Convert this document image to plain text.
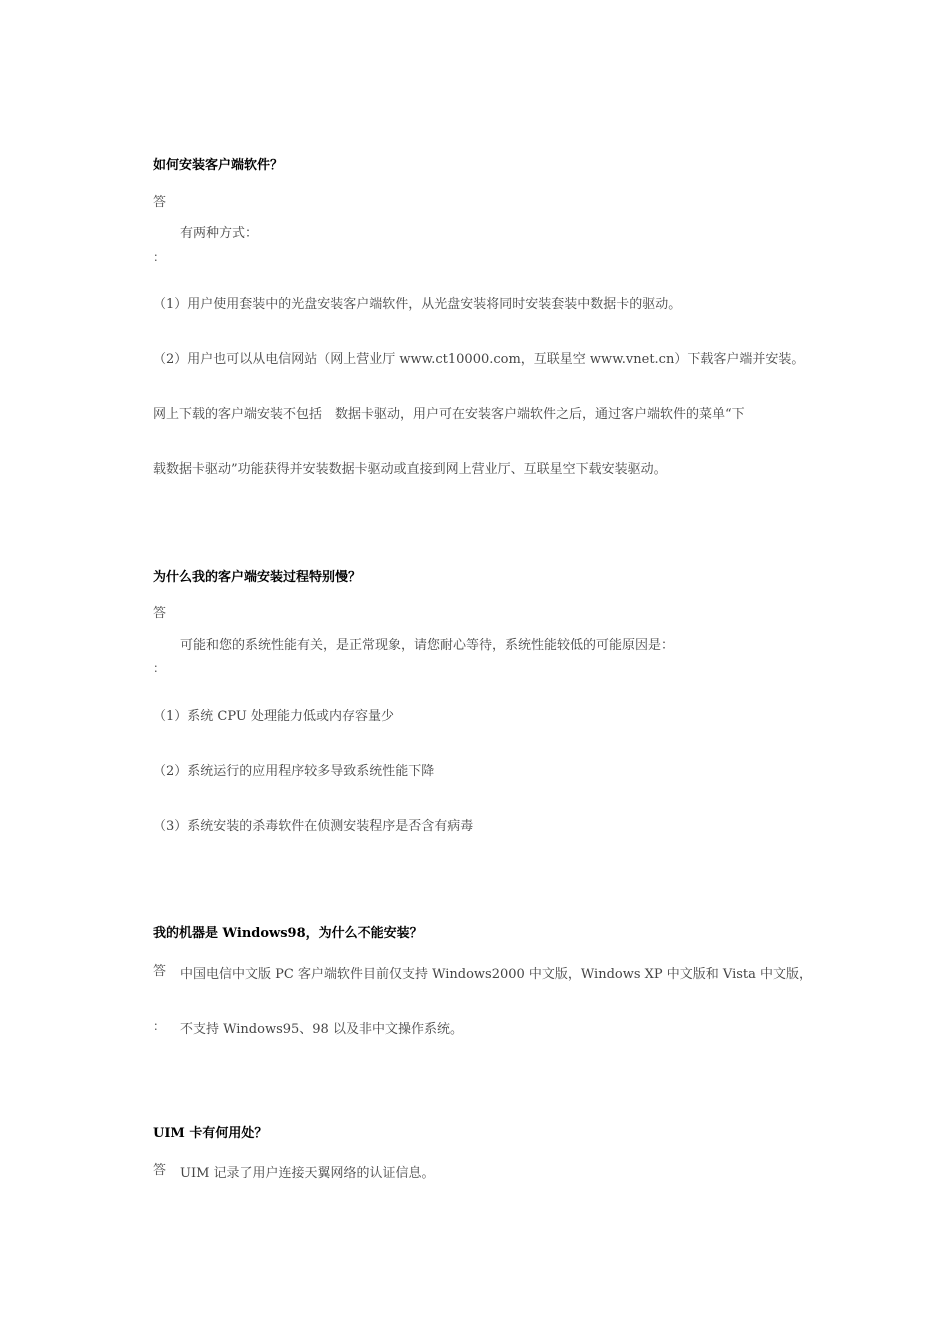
如何安装客户端软件？
答
有两种方式：
：
（1）用户使用套装中的光盘安装客户端软件，从光盘安装将同时安装套装中数据卡的驱动。
（2）用户也可以从电信网站（网上营业厅 www.ct10000.com，互联星空 www.vnet.cn）下载客户端并安装。
网上下载的客户端安装不包括　数据卡驱动，用户可在安装客户端软件之后，通过客户端软件的菜单“下
载数据卡驱动”功能获得并安装数据卡驱动或直接到网上营业厅、互联星空下载安装驱动。
为什么我的客户端安装过程特别慢？
答
可能和您的系统性能有关，是正常现象，请您耐心等待，系统性能较低的可能原因是：
：
（1）系统 CPU 处理能力低或内存容量少
（2）系统运行的应用程序较多导致系统性能下降
（3）系统安装的杀毒软件在侦测安装程序是否含有病毒
我的机器是 Windows98，为什么不能安装？
答 中国电信中文版 PC 客户端软件目前仅支持 Windows2000 中文版，Windows XP 中文版和 Vista 中文版，
： 不支持 Windows95、98 以及非中文操作系统。
UIM 卡有何用处？
答 UIM 记录了用户连接天翼网络的认证信息。
